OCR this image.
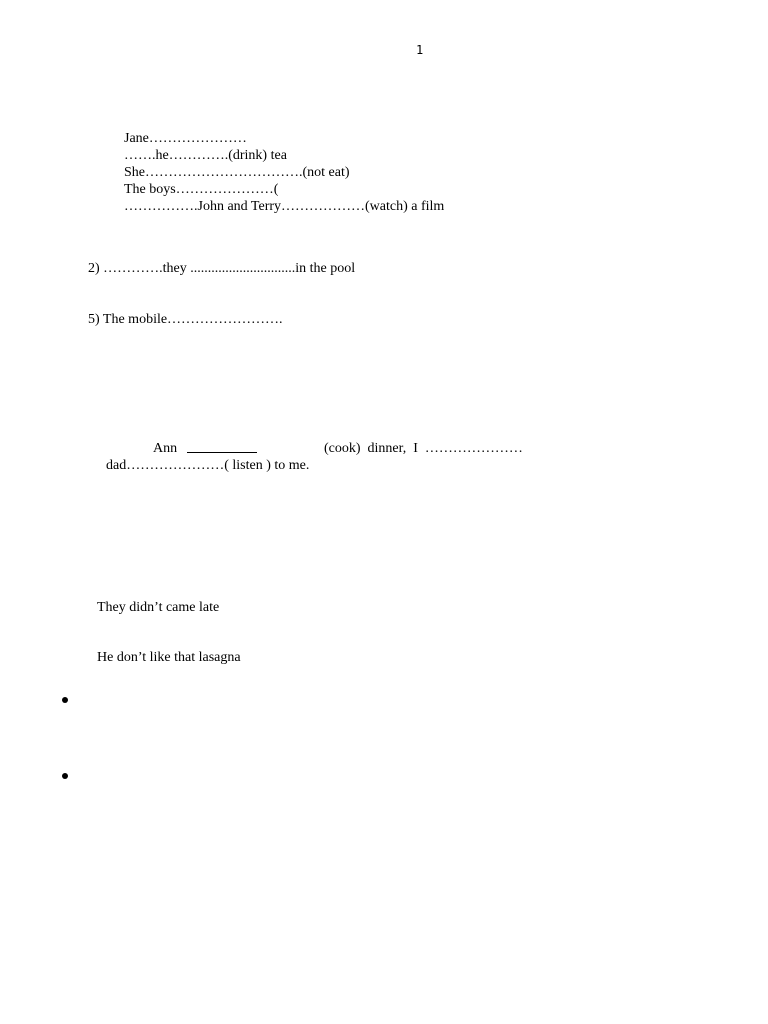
1
Jane…………………
…….he………….(drink) tea
She…………………………….(not eat)
The boys…………………(
…………….John and Terry………………(watch) a film
2) ………….they ..............................in the pool
5) The mobile…………………….
Ann	(cook)  dinner,  I  …………………
dad…………………( listen ) to me.
They didn’t came late
He don’t like that lasagna
